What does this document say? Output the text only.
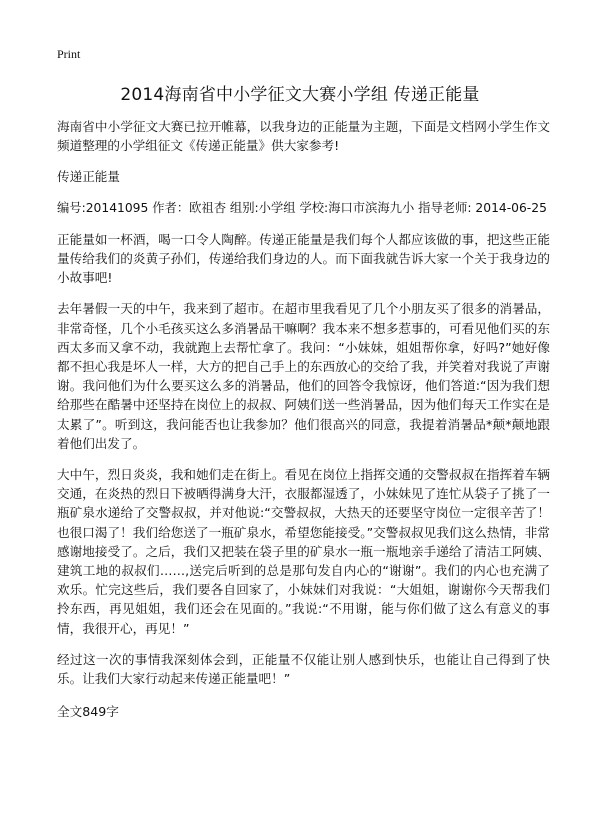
Print
2014海南省中小学征文大赛小学组 传递正能量

海南省中小学征文大赛已拉开帷幕，以我身边的正能量为主题，下面是文档网小学生作文频道整理的小学组征文《传递正能量》供大家参考!

传递正能量

编号:20141095 作者：欧祖杏 组别:小学组 学校:海口市滨海九小 指导老师: 2014-06-25

正能量如一杯酒，喝一口令人陶醉。传递正能量是我们每个人都应该做的事，把这些正能量传给我们的炎黄子孙们，传递给我们身边的人。而下面我就告诉大家一个关于我身边的小故事吧!

去年暑假一天的中午，我来到了超市。在超市里我看见了几个小朋友买了很多的消暑品，非常奇怪，几个小毛孩买这么多消暑品干嘛啊？我本来不想多惹事的，可看见他们买的东西太多而又拿不动，我就跑上去帮忙拿了。我问：“小妹妹，姐姐帮你拿，好吗?”她好像都不担心我是坏人一样，大方的把自己手上的东西放心的交给了我，并笑着对我说了声谢谢。我问他们为什么要买这么多的消暑品，他们的回答令我惊讶，他们答道:“因为我们想给那些在酷暑中还坚持在岗位上的叔叔、阿姨们送一些消暑品，因为他们每天工作实在是太累了”。听到这，我问能否也让我参加？他们很高兴的同意，我提着消暑品*颠*颠地跟着他们出发了。

大中午，烈日炎炎，我和她们走在街上。看见在岗位上指挥交通的交警叔叔在指挥着车辆交通，在炎热的烈日下被晒得满身大汗，衣服都湿透了，小妹妹见了连忙从袋子了挑了一瓶矿泉水递给了交警叔叔，并对他说:“交警叔叔，大热天的还要坚守岗位一定很辛苦了！也很口渴了！我们给您送了一瓶矿泉水，希望您能接受。”交警叔叔见我们这么热情，非常感谢地接受了。之后，我们又把装在袋子里的矿泉水一瓶一瓶地亲手递给了清洁工阿姨、建筑工地的叔叔们……,送完后听到的总是那句发自内心的“谢谢”。我们的内心也充满了欢乐。忙完这些后，我们要各自回家了，小妹妹们对我说：“大姐姐，谢谢你今天帮我们拎东西，再见姐姐，我们还会在见面的。”我说:“不用谢，能与你们做了这么有意义的事情，我很开心，再见！”

经过这一次的事情我深刻体会到，正能量不仅能让别人感到快乐，也能让自己得到了快乐。让我们大家行动起来传递正能量吧！”

全文849字
